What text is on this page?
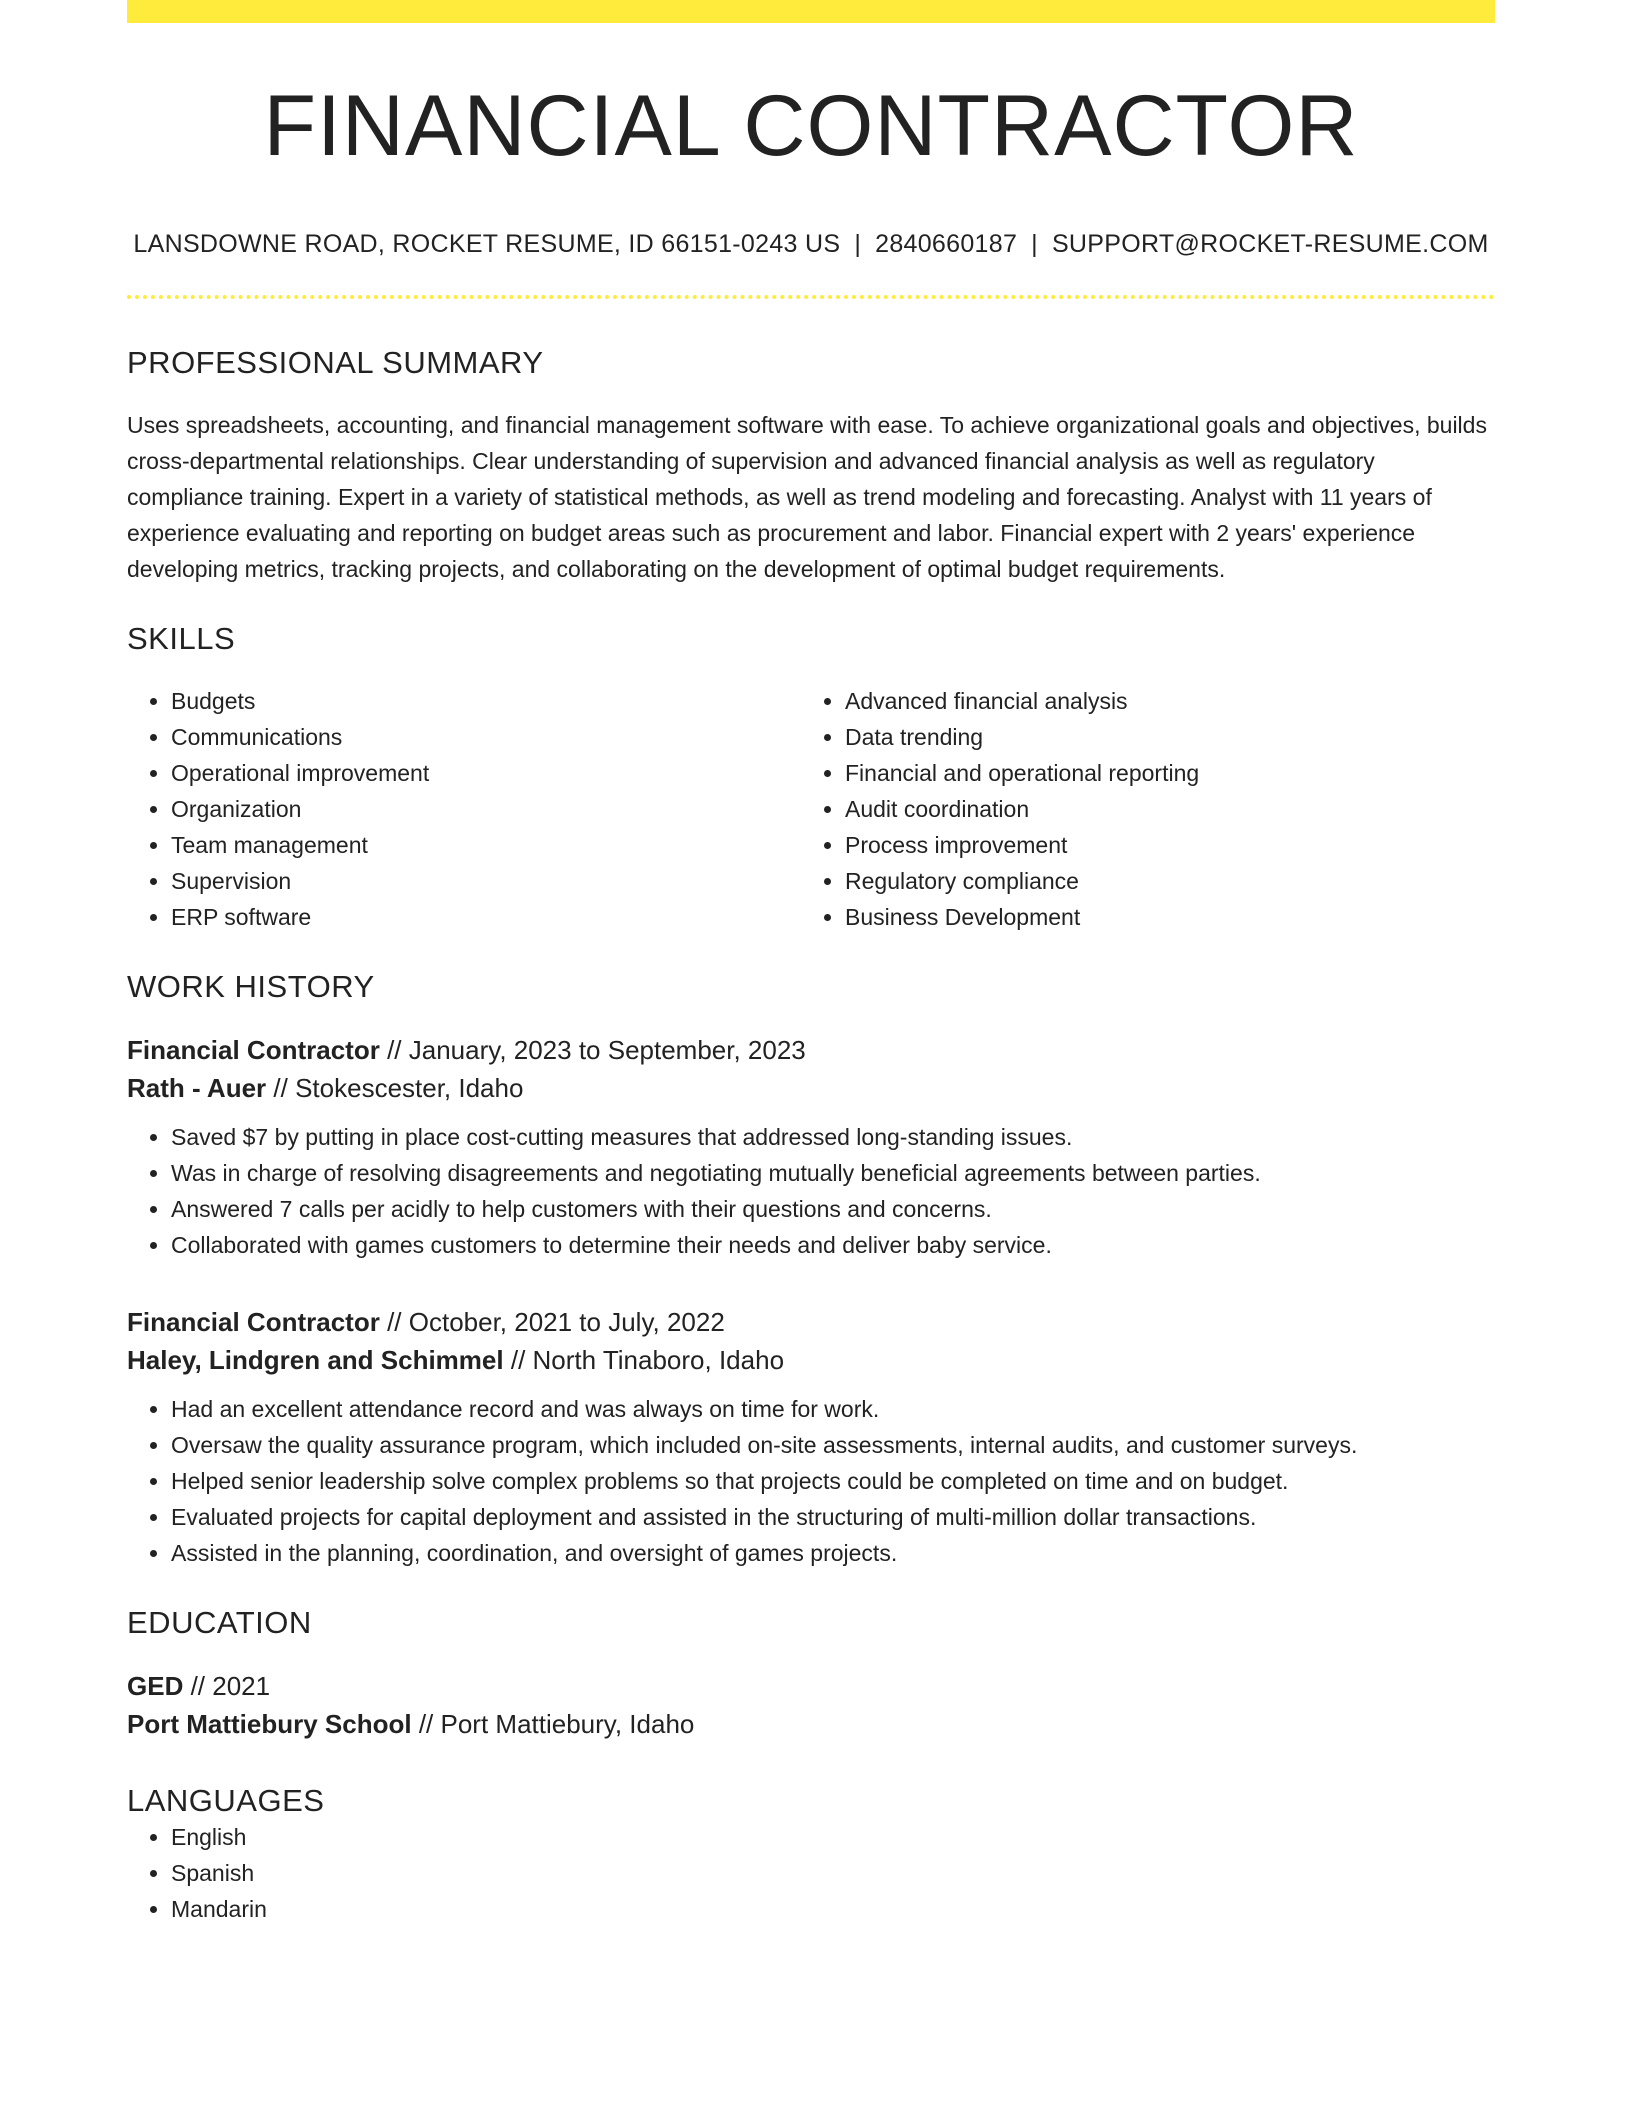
FINANCIAL CONTRACTOR
LANSDOWNE ROAD, ROCKET RESUME, ID 66151-0243 US | 2840660187 | SUPPORT@ROCKET-RESUME.COM
PROFESSIONAL SUMMARY

Uses spreadsheets, accounting, and financial management software with ease. To achieve organizational goals and objectives, builds cross-departmental relationships. Clear understanding of supervision and advanced financial analysis as well as regulatory compliance training. Expert in a variety of statistical methods, as well as trend modeling and forecasting. Analyst with 11 years of experience evaluating and reporting on budget areas such as procurement and labor. Financial expert with 2 years' experience developing metrics, tracking projects, and collaborating on the development of optimal budget requirements.

SKILLS
• Budgets
• Communications
• Operational improvement
• Organization
• Team management
• Supervision
• ERP software
• Advanced financial analysis
• Data trending
• Financial and operational reporting
• Audit coordination
• Process improvement
• Regulatory compliance
• Business Development
WORK HISTORY
Financial Contractor // January, 2023 to September, 2023
Rath - Auer // Stokescester, Idaho
• Saved $7 by putting in place cost-cutting measures that addressed long-standing issues.
• Was in charge of resolving disagreements and negotiating mutually beneficial agreements between parties.
• Answered 7 calls per acidly to help customers with their questions and concerns.
• Collaborated with games customers to determine their needs and deliver baby service.
Financial Contractor // October, 2021 to July, 2022
Haley, Lindgren and Schimmel // North Tinaboro, Idaho
• Had an excellent attendance record and was always on time for work.
• Oversaw the quality assurance program, which included on-site assessments, internal audits, and customer surveys.
• Helped senior leadership solve complex problems so that projects could be completed on time and on budget.
• Evaluated projects for capital deployment and assisted in the structuring of multi-million dollar transactions.
• Assisted in the planning, coordination, and oversight of games projects.
EDUCATION
GED // 2021
Port Mattiebury School // Port Mattiebury, Idaho
LANGUAGES
• English
• Spanish
• Mandarin
